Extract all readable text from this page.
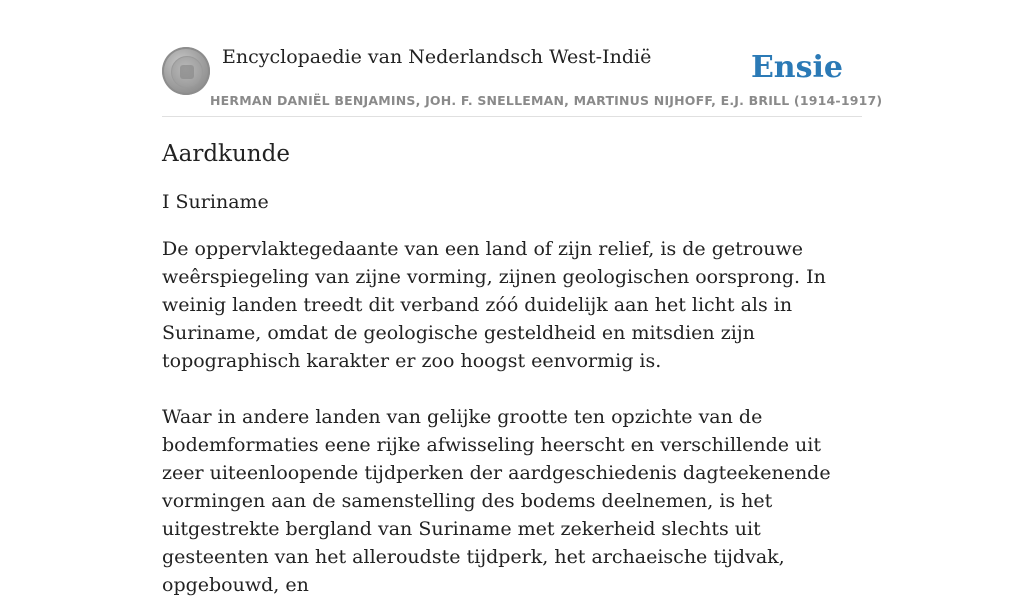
Encyclopaedie van Nederlandsch West-Indië	Ensie
HERMAN DANIËL BENJAMINS, JOH. F. SNELLEMAN, MARTINUS NIJHOFF, E.J. BRILL (1914-1917)
Aardkunde

I Suriname

De oppervlaktegedaante van een land of zijn relief, is de getrouwe weêrspiegeling van zijne vorming, zijnen geologischen oorsprong. In weinig landen treedt dit verband zóó duidelijk aan het licht als in Suriname, omdat de geologische gesteldheid en mitsdien zijn topographisch karakter er zoo hoogst eenvormig is.

Waar in andere landen van gelijke grootte ten opzichte van de bodemformaties eene rijke afwisseling heerscht en verschillende uit zeer uiteenloopende tijdperken der aardgeschiedenis dagteekenende vormingen aan de samenstelling des bodems deelnemen, is het uitgestrekte bergland van Suriname met zekerheid slechts uit gesteenten van het alleroudste tijdperk, het archaeische tijdvak, opgebouwd, en
